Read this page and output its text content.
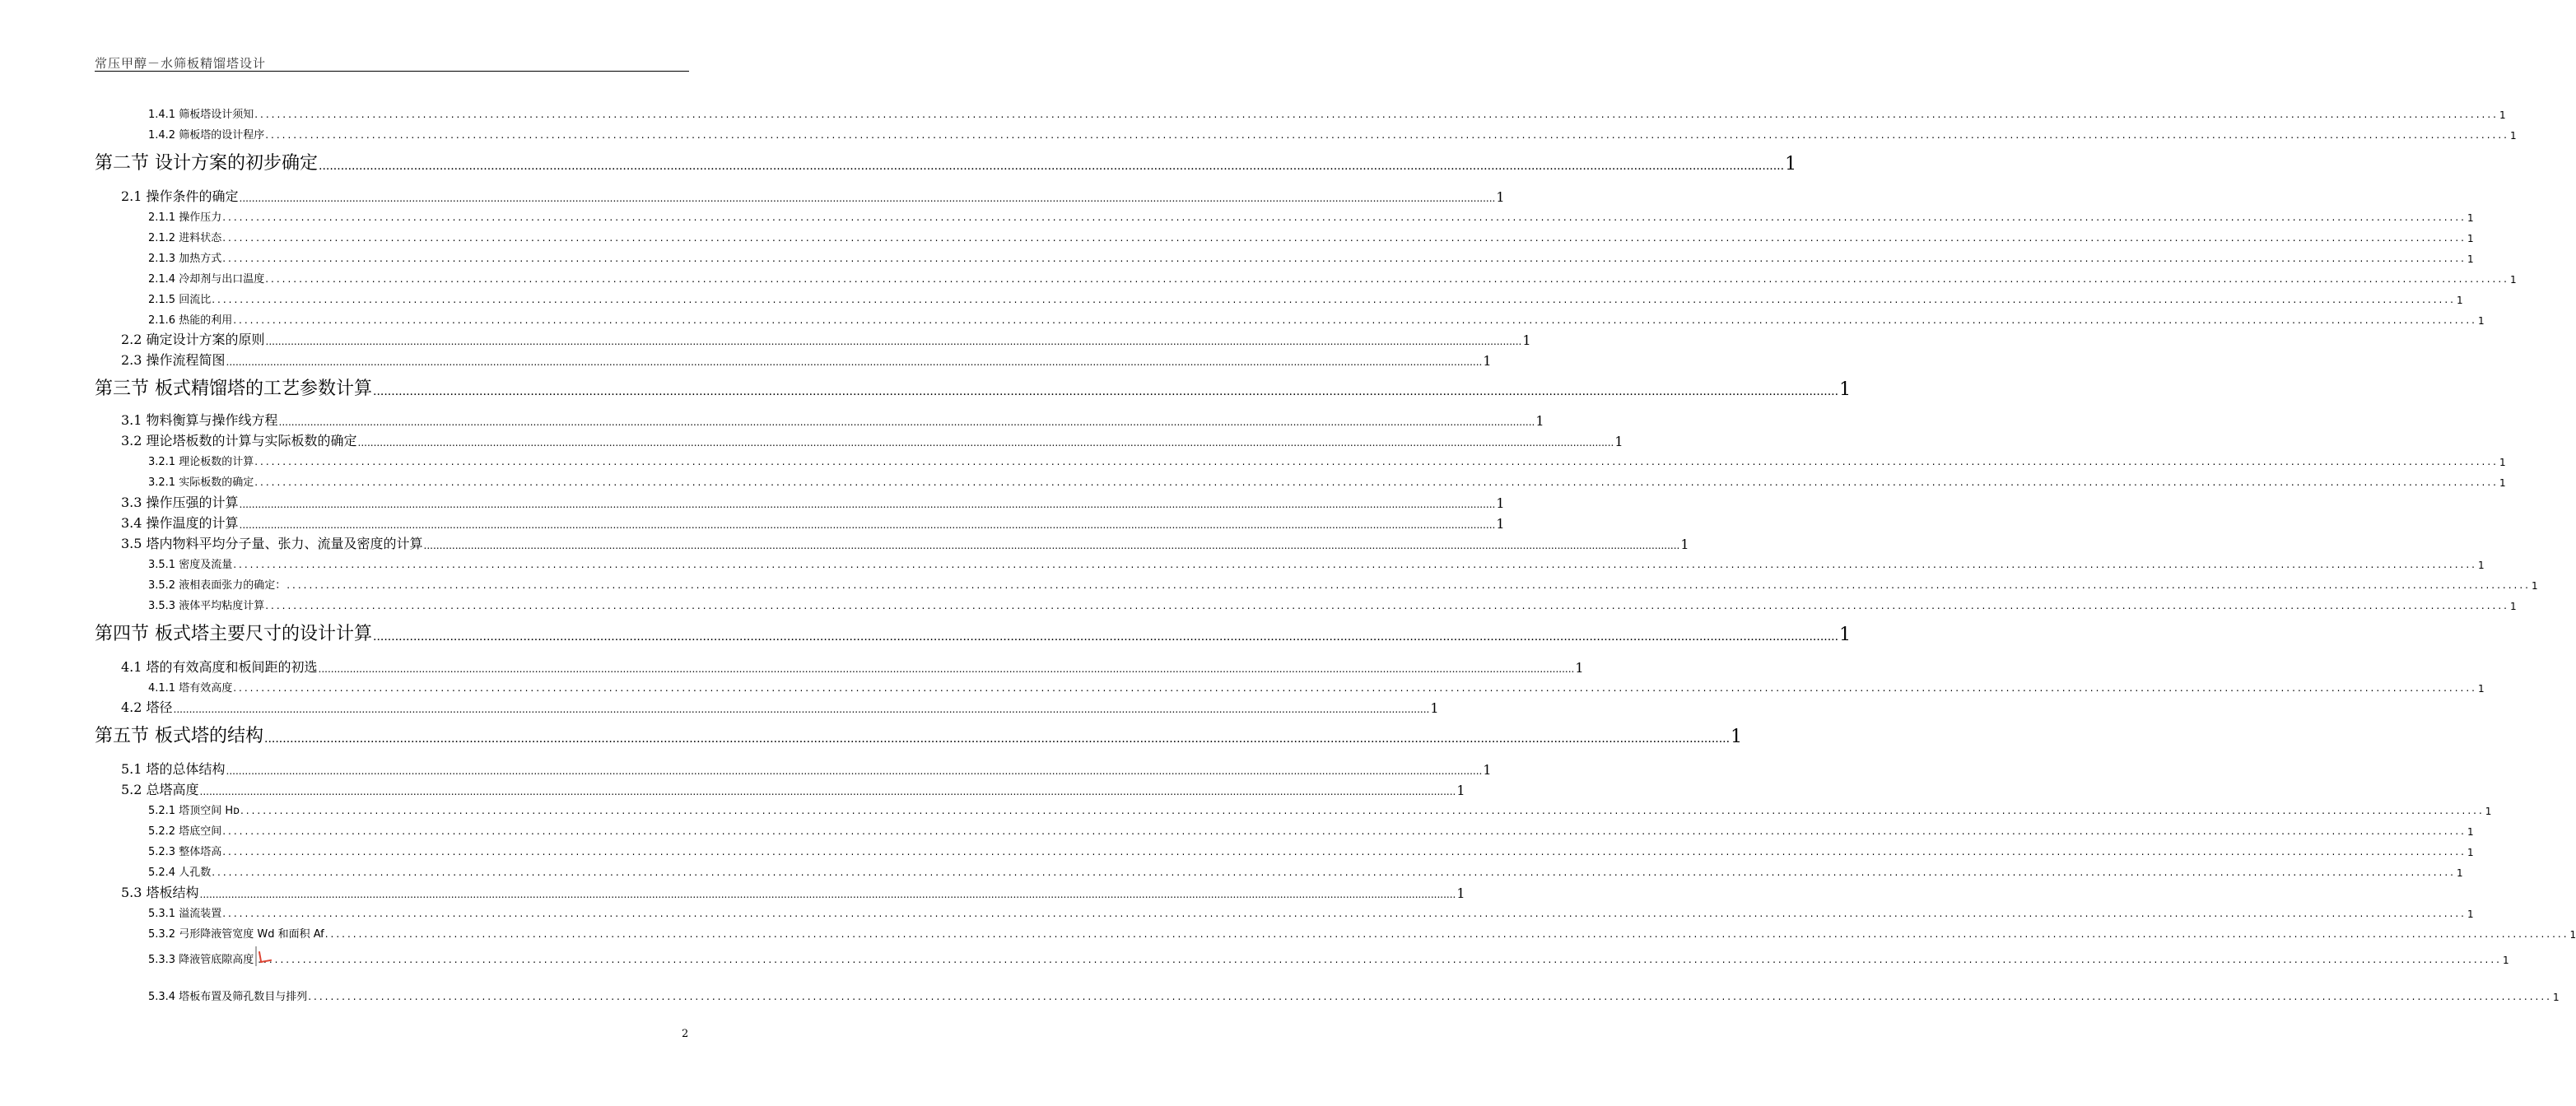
常压甲醇－水筛板精馏塔设计
1.4.1 筛板塔设计须知 ................................................................................................................................................................................................................................................................................................................................................................................................................ 1
1.4.2 筛板塔的设计程序 ................................................................................................................................................................................................................................................................................................................................................................................................................ 1
第二节 设计方案的初步确定 ................................................................................................................................................................................................................................................................................................................................................................................................................ 1
2.1 操作条件的确定 ................................................................................................................................................................................................................................................................................................................................................................................................................ 1
2.1.1 操作压力 ................................................................................................................................................................................................................................................................................................................................................................................................................ 1
2.1.2 进料状态 ................................................................................................................................................................................................................................................................................................................................................................................................................ 1
2.1.3 加热方式 ................................................................................................................................................................................................................................................................................................................................................................................................................ 1
2.1.4 冷却剂与出口温度 ................................................................................................................................................................................................................................................................................................................................................................................................................ 1
2.1.5 回流比 ................................................................................................................................................................................................................................................................................................................................................................................................................ 1
2.1.6 热能的利用 ................................................................................................................................................................................................................................................................................................................................................................................................................ 1
2.2 确定设计方案的原则 ................................................................................................................................................................................................................................................................................................................................................................................................................ 1
2.3 操作流程简图 ................................................................................................................................................................................................................................................................................................................................................................................................................ 1
第三节 板式精馏塔的工艺参数计算 ................................................................................................................................................................................................................................................................................................................................................................................................................ 1
3.1 物料衡算与操作线方程 ................................................................................................................................................................................................................................................................................................................................................................................................................ 1
3.2 理论塔板数的计算与实际板数的确定 ................................................................................................................................................................................................................................................................................................................................................................................................................ 1
3.2.1 理论板数的计算 ................................................................................................................................................................................................................................................................................................................................................................................................................ 1
3.2.1 实际板数的确定 ................................................................................................................................................................................................................................................................................................................................................................................................................ 1
3.3 操作压强的计算 ................................................................................................................................................................................................................................................................................................................................................................................................................ 1
3.4 操作温度的计算 ................................................................................................................................................................................................................................................................................................................................................................................................................ 1
3.5 塔内物料平均分子量、张力、流量及密度的计算 ................................................................................................................................................................................................................................................................................................................................................................................................................ 1
3.5.1 密度及流量 ................................................................................................................................................................................................................................................................................................................................................................................................................ 1
3.5.2 液相表面张力的确定： ................................................................................................................................................................................................................................................................................................................................................................................................................ 1
3.5.3 液体平均粘度计算 ................................................................................................................................................................................................................................................................................................................................................................................................................ 1
第四节 板式塔主要尺寸的设计计算 ................................................................................................................................................................................................................................................................................................................................................................................................................ 1
4.1 塔的有效高度和板间距的初选 ................................................................................................................................................................................................................................................................................................................................................................................................................ 1
4.1.1 塔有效高度 ................................................................................................................................................................................................................................................................................................................................................................................................................ 1
4.2 塔径 ................................................................................................................................................................................................................................................................................................................................................................................................................ 1
第五节 板式塔的结构 ................................................................................................................................................................................................................................................................................................................................................................................................................ 1
5.1 塔的总体结构 ................................................................................................................................................................................................................................................................................................................................................................................................................ 1
5.2 总塔高度 ................................................................................................................................................................................................................................................................................................................................................................................................................ 1
5.2.1 塔顶空间 Hᴅ ................................................................................................................................................................................................................................................................................................................................................................................................................ 1
5.2.2 塔底空间 ................................................................................................................................................................................................................................................................................................................................................................................................................ 1
5.2.3 整体塔高 ................................................................................................................................................................................................................................................................................................................................................................................................................ 1
5.2.4 人孔数 ................................................................................................................................................................................................................................................................................................................................................................................................................ 1
5.3 塔板结构 ................................................................................................................................................................................................................................................................................................................................................................................................................ 1
5.3.1 溢流装置 ................................................................................................................................................................................................................................................................................................................................................................................................................ 1
5.3.2 弓形降液管宽度 Wd 和面积 Af ................................................................................................................................................................................................................................................................................................................................................................................................................ 1
5.3.3 降液管底隙高度 ................................................................................................................................................................................................................................................................................................................................................................................................................ 1
5.3.4 塔板布置及筛孔数目与排列 ................................................................................................................................................................................................................................................................................................................................................................................................................ 1
2
